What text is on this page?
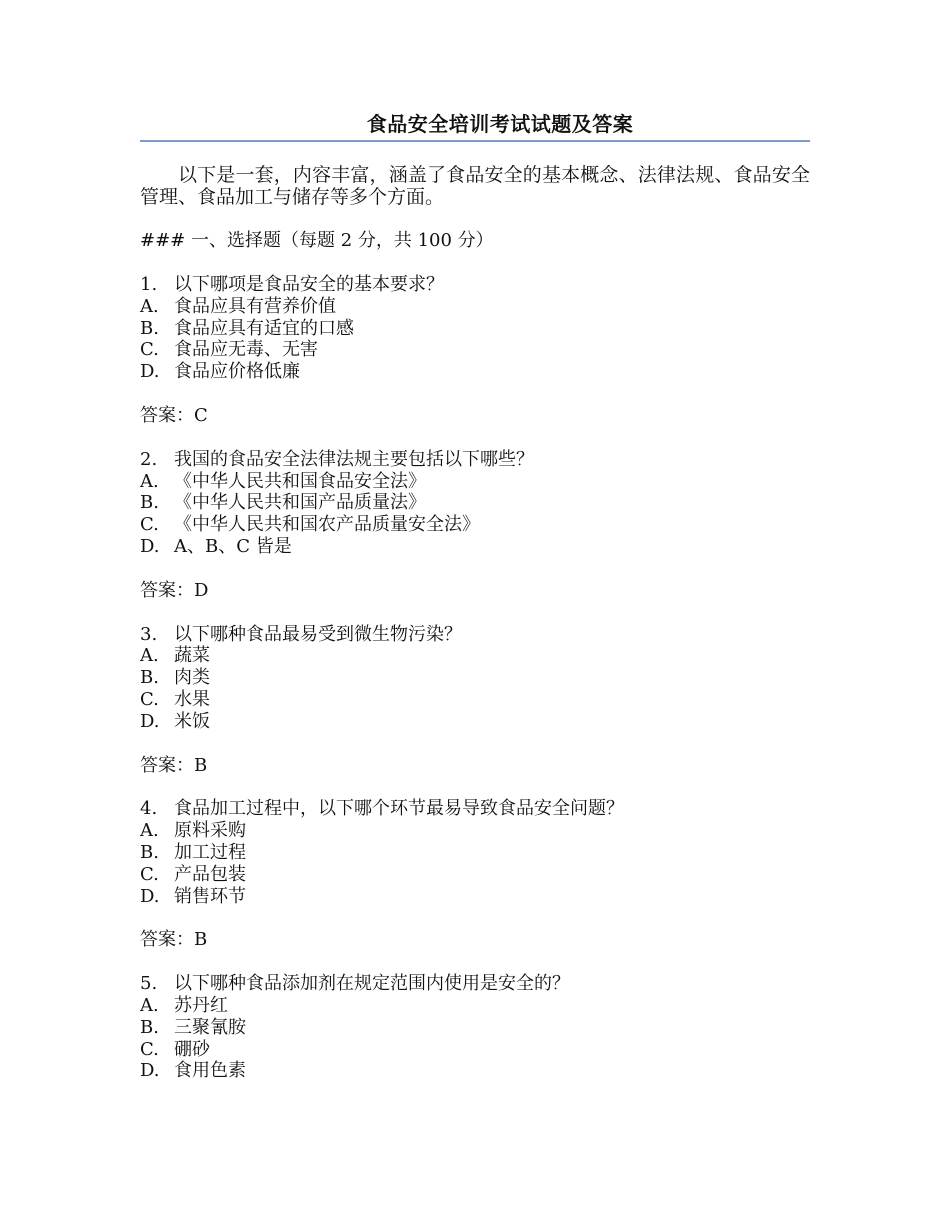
食品安全培训考试试题及答案
以下是一套，内容丰富，涵盖了食品安全的基本概念、法律法规、食品安全管理、食品加工与储存等多个方面。
### 一、选择题（每题 2 分，共 100 分）
1. 以下哪项是食品安全的基本要求？
A. 食品应具有营养价值
B. 食品应具有适宜的口感
C. 食品应无毒、无害
D. 食品应价格低廉
答案：C
2. 我国的食品安全法律法规主要包括以下哪些？
A. 《中华人民共和国食品安全法》
B. 《中华人民共和国产品质量法》
C. 《中华人民共和国农产品质量安全法》
D. A、B、C 皆是
答案：D
3. 以下哪种食品最易受到微生物污染？
A. 蔬菜
B. 肉类
C. 水果
D. 米饭
答案：B
4. 食品加工过程中，以下哪个环节最易导致食品安全问题？
A. 原料采购
B. 加工过程
C. 产品包装
D. 销售环节
答案：B
5. 以下哪种食品添加剂在规定范围内使用是安全的？
A. 苏丹红
B. 三聚氰胺
C. 硼砂
D. 食用色素
